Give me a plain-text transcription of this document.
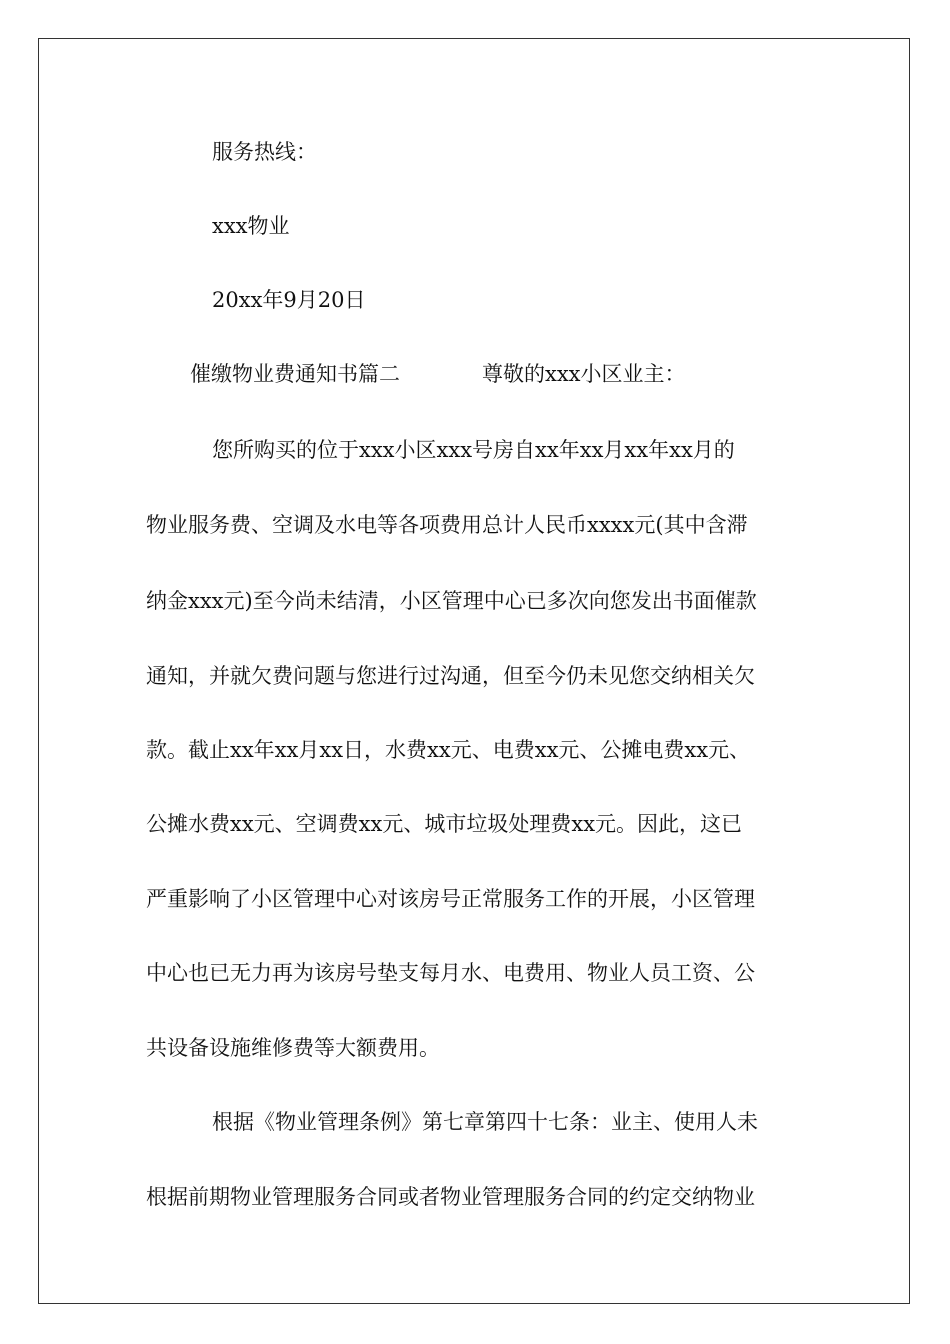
服务热线：
xxx物业
20xx年9月20日
催缴物业费通知书篇二	尊敬的xxx小区业主：
您所购买的位于xxx小区xxx号房自xx年xx月xx年xx月的
物业服务费、空调及水电等各项费用总计人民币xxxx元(其中含滞
纳金xxx元)至今尚未结清，小区管理中心已多次向您发出书面催款
通知，并就欠费问题与您进行过沟通，但至今仍未见您交纳相关欠
款。截止xx年xx月xx日，水费xx元、电费xx元、公摊电费xx元、
公摊水费xx元、空调费xx元、城市垃圾处理费xx元。因此，这已
严重影响了小区管理中心对该房号正常服务工作的开展，小区管理
中心也已无力再为该房号垫支每月水、电费用、物业人员工资、公
共设备设施维修费等大额费用。
根据《物业管理条例》第七章第四十七条：业主、使用人未
根据前期物业管理服务合同或者物业管理服务合同的约定交纳物业
